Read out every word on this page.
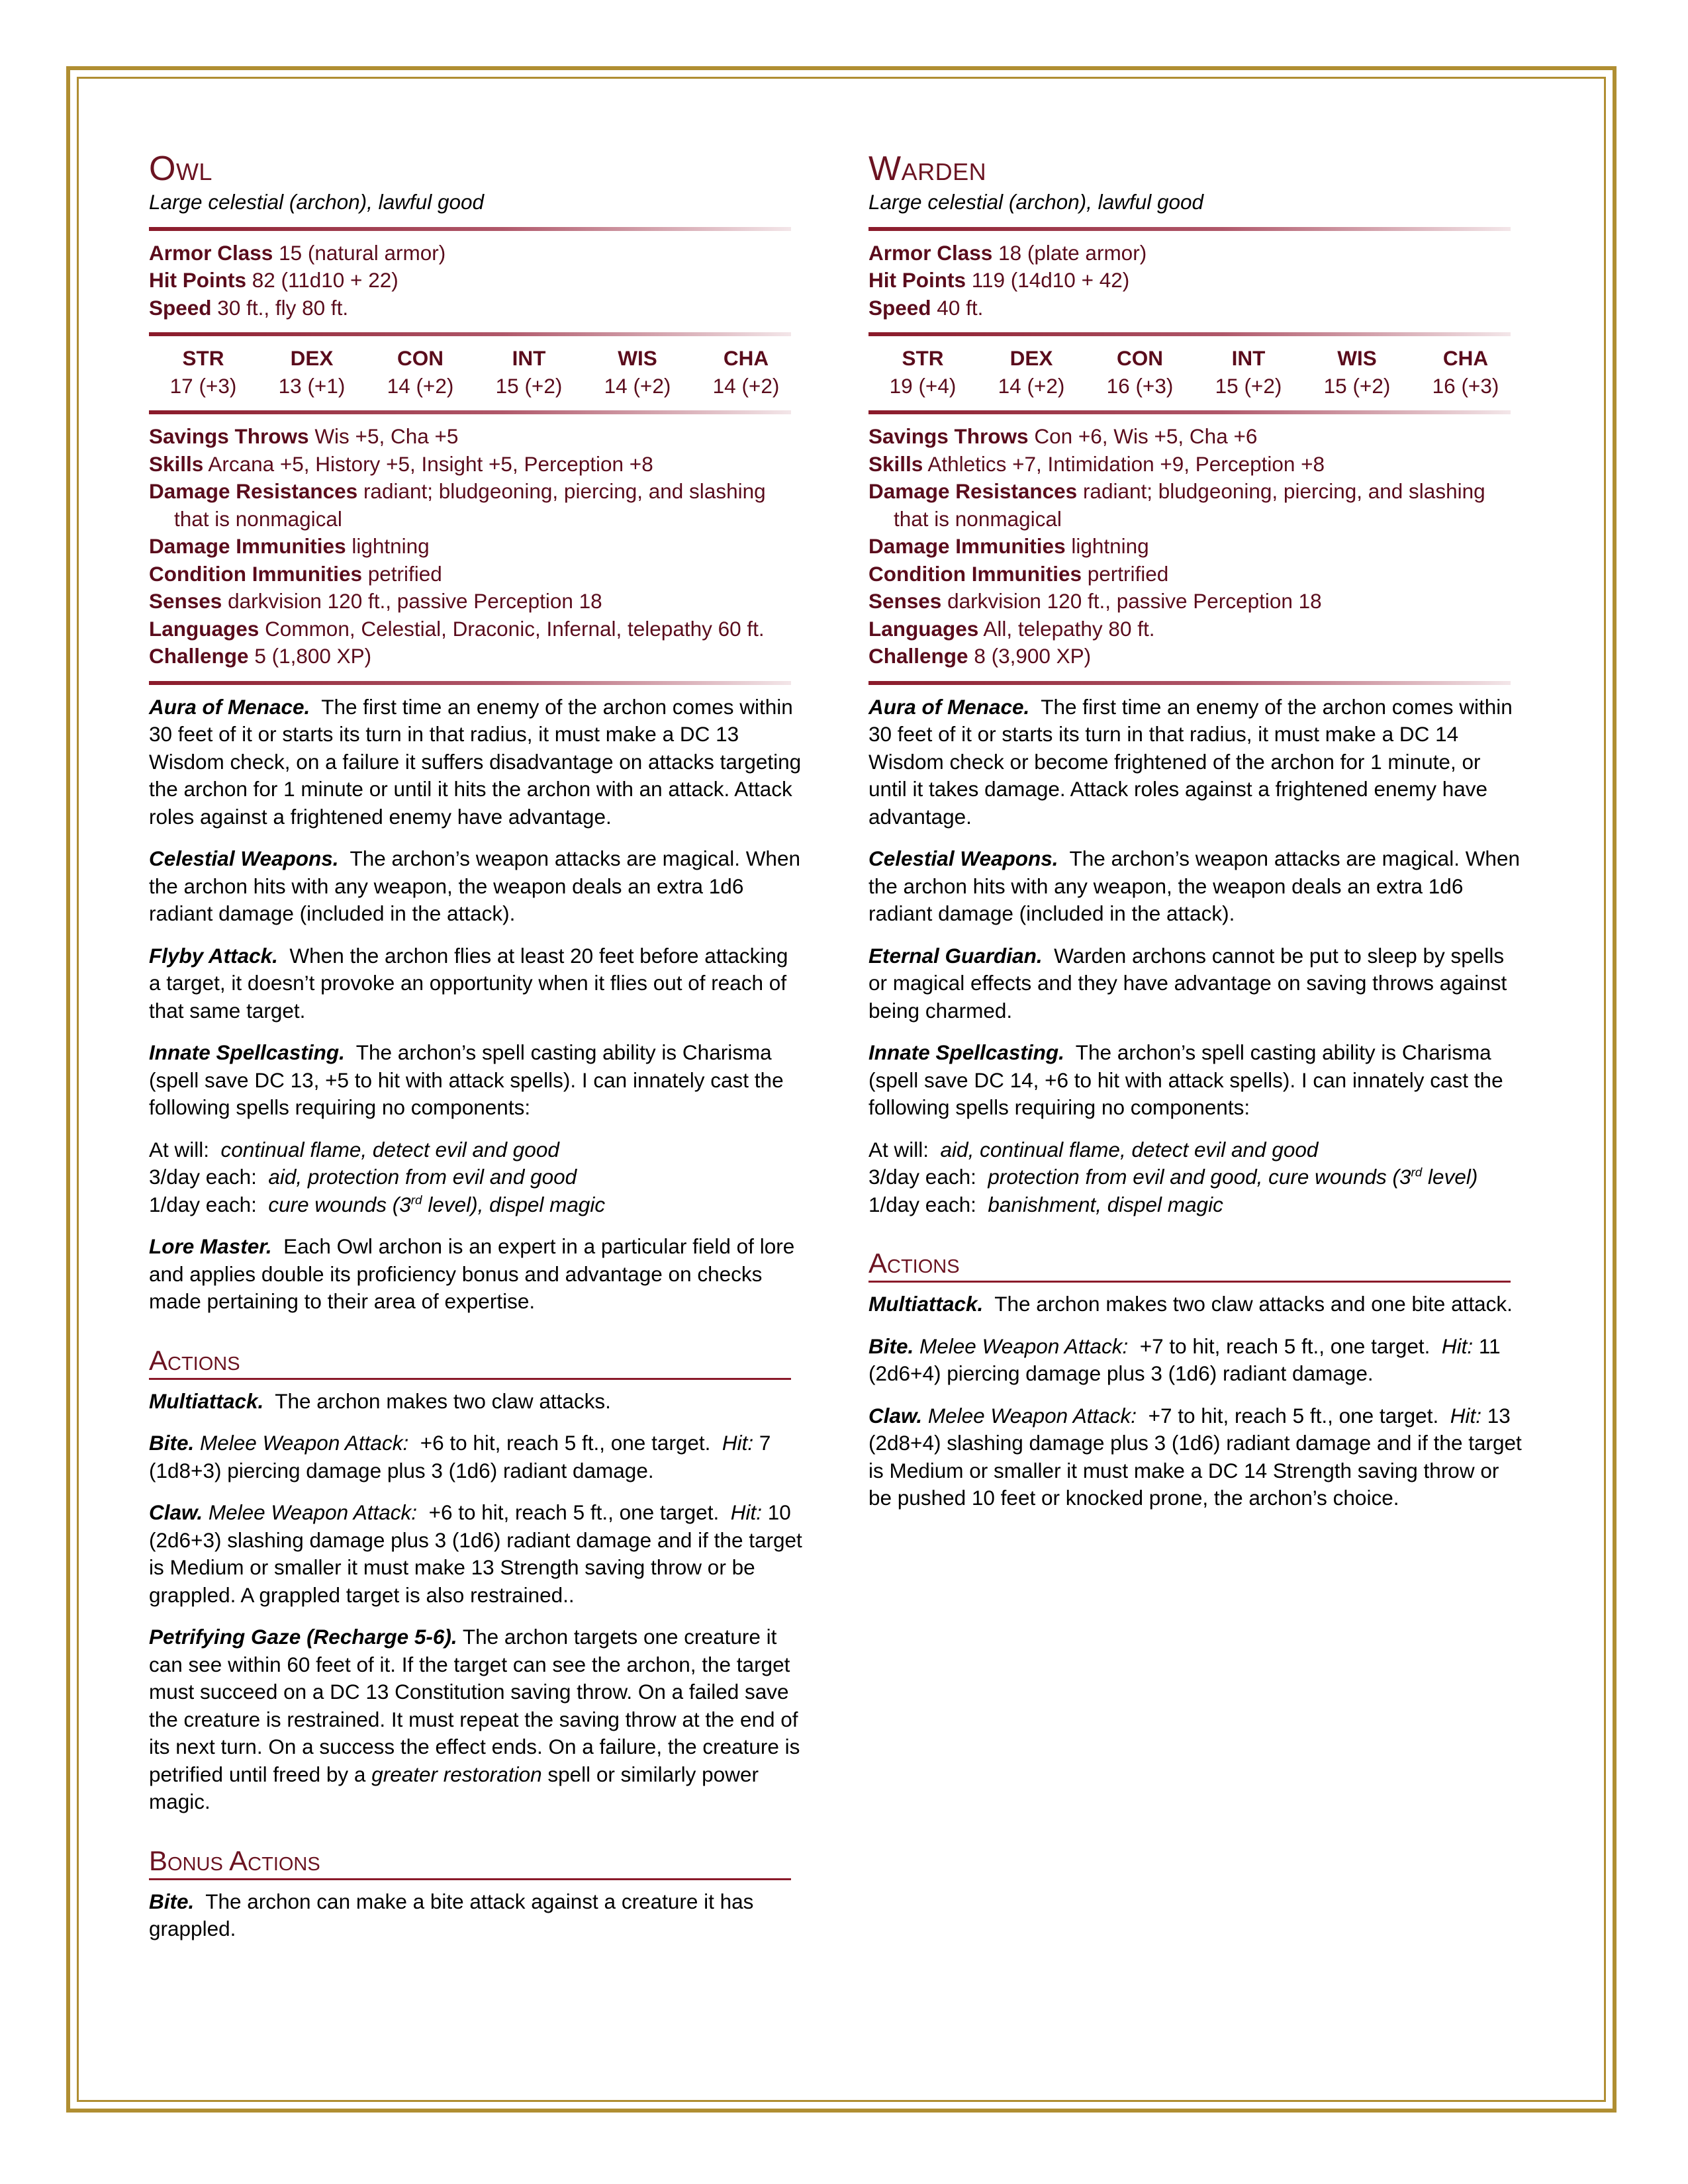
Owl
Large celestial (archon), lawful good
Armor Class 15 (natural armor)
Hit Points 82 (11d10 + 22)
Speed 30 ft., fly 80 ft.
STR
17 (+3)
DEX
13 (+1)
CON
14 (+2)
INT
15 (+2)
WIS
14 (+2)
CHA
14 (+2)
Savings Throws Wis +5, Cha +5
Skills Arcana +5, History +5, Insight +5, Perception +8
Damage Resistances radiant; bludgeoning, piercing, and slashing
that is nonmagical
Damage Immunities lightning
Condition Immunities petrified
Senses darkvision 120 ft., passive Perception 18
Languages Common, Celestial, Draconic, Infernal, telepathy 60 ft.
Challenge 5 (1,800 XP)
Aura of Menace. The first time an enemy of the archon comes within 30 feet of it or starts its turn in that radius, it must make a DC 13 Wisdom check, on a failure it suffers disadvantage on attacks targeting the archon for 1 minute or until it hits the archon with an attack. Attack roles against a frightened enemy have advantage.
Celestial Weapons. The archon’s weapon attacks are magical. When the archon hits with any weapon, the weapon deals an extra 1d6 radiant damage (included in the attack).
Flyby Attack. When the archon flies at least 20 feet before attacking a target, it doesn’t provoke an opportunity when it flies out of reach of that same target.
Innate Spellcasting. The archon’s spell casting ability is Charisma (spell save DC 13, +5 to hit with attack spells). I can innately cast the following spells requiring no components:
At will: continual flame, detect evil and good
3/day each: aid, protection from evil and good
1/day each: cure wounds (3rd level), dispel magic
Lore Master. Each Owl archon is an expert in a particular field of lore and applies double its proficiency bonus and advantage on checks made pertaining to their area of expertise.
Actions
Multiattack. The archon makes two claw attacks.
Bite. Melee Weapon Attack: +6 to hit, reach 5 ft., one target. Hit: 7 (1d8+3) piercing damage plus 3 (1d6) radiant damage.
Claw. Melee Weapon Attack: +6 to hit, reach 5 ft., one target. Hit: 10 (2d6+3) slashing damage plus 3 (1d6) radiant damage and if the target is Medium or smaller it must make 13 Strength saving throw or be grappled. A grappled target is also restrained..
Petrifying Gaze (Recharge 5-6). The archon targets one creature it can see within 60 feet of it. If the target can see the archon, the target must succeed on a DC 13 Constitution saving throw. On a failed save the creature is restrained. It must repeat the saving throw at the end of its next turn. On a success the effect ends. On a failure, the creature is petrified until freed by a greater restoration spell or similarly power magic.
Bonus Actions
Bite. The archon can make a bite attack against a creature it has grappled.
Warden
Large celestial (archon), lawful good
Armor Class 18 (plate armor)
Hit Points 119 (14d10 + 42)
Speed 40 ft.
STR
19 (+4)
DEX
14 (+2)
CON
16 (+3)
INT
15 (+2)
WIS
15 (+2)
CHA
16 (+3)
Savings Throws Con +6, Wis +5, Cha +6
Skills Athletics +7, Intimidation +9, Perception +8
Damage Resistances radiant; bludgeoning, piercing, and slashing
that is nonmagical
Damage Immunities lightning
Condition Immunities pertrified
Senses darkvision 120 ft., passive Perception 18
Languages All, telepathy 80 ft.
Challenge 8 (3,900 XP)
Aura of Menace. The first time an enemy of the archon comes within 30 feet of it or starts its turn in that radius, it must make a DC 14 Wisdom check or become frightened of the archon for 1 minute, or until it takes damage. Attack roles against a frightened enemy have advantage.
Celestial Weapons. The archon’s weapon attacks are magical. When the archon hits with any weapon, the weapon deals an extra 1d6 radiant damage (included in the attack).
Eternal Guardian. Warden archons cannot be put to sleep by spells or magical effects and they have advantage on saving throws against being charmed.
Innate Spellcasting. The archon’s spell casting ability is Charisma (spell save DC 14, +6 to hit with attack spells). I can innately cast the following spells requiring no components:
At will: aid, continual flame, detect evil and good
3/day each: protection from evil and good, cure wounds (3rd level)
1/day each: banishment, dispel magic
Actions
Multiattack. The archon makes two claw attacks and one bite attack.
Bite. Melee Weapon Attack: +7 to hit, reach 5 ft., one target. Hit: 11 (2d6+4) piercing damage plus 3 (1d6) radiant damage.
Claw. Melee Weapon Attack: +7 to hit, reach 5 ft., one target. Hit: 13 (2d8+4) slashing damage plus 3 (1d6) radiant damage and if the target is Medium or smaller it must make a DC 14 Strength saving throw or be pushed 10 feet or knocked prone, the archon’s choice.
